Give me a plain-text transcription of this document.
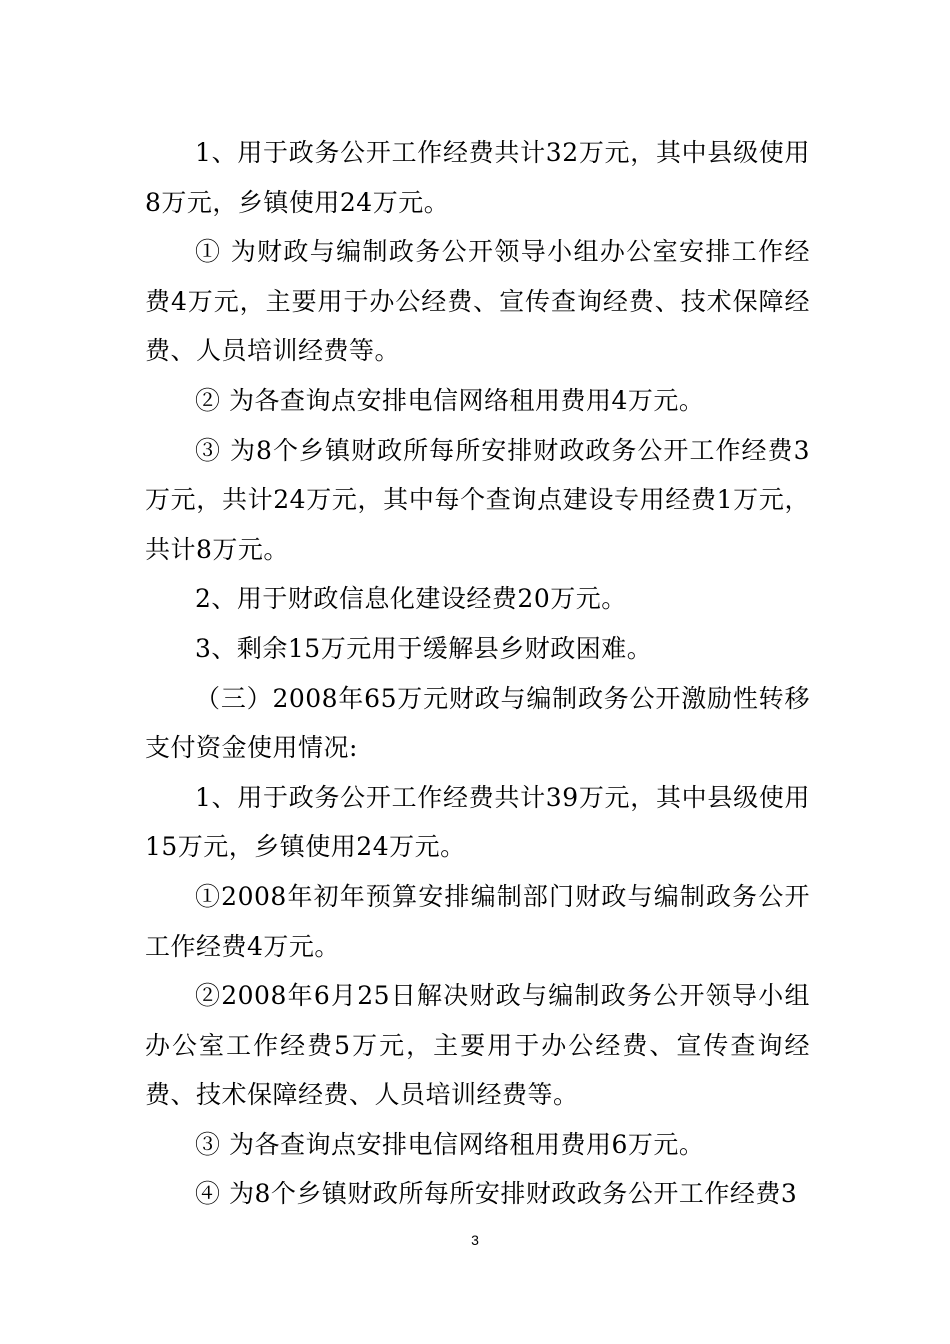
1、用于政务公开工作经费共计32万元，其中县级使用8万元，乡镇使用24万元。

① 为财政与编制政务公开领导小组办公室安排工作经费4万元，主要用于办公经费、宣传查询经费、技术保障经费、人员培训经费等。

② 为各查询点安排电信网络租用费用4万元。

③ 为8个乡镇财政所每所安排财政政务公开工作经费3万元，共计24万元，其中每个查询点建设专用经费1万元，共计8万元。

2、用于财政信息化建设经费20万元。

3、剩余15万元用于缓解县乡财政困难。

（三）2008年65万元财政与编制政务公开激励性转移支付资金使用情况:

1、用于政务公开工作经费共计39万元，其中县级使用15万元，乡镇使用24万元。

①2008年初年预算安排编制部门财政与编制政务公开工作经费4万元。

②2008年6月25日解决财政与编制政务公开领导小组办公室工作经费5万元，主要用于办公经费、宣传查询经费、技术保障经费、人员培训经费等。

③ 为各查询点安排电信网络租用费用6万元。

④ 为8个乡镇财政所每所安排财政政务公开工作经费3

3
